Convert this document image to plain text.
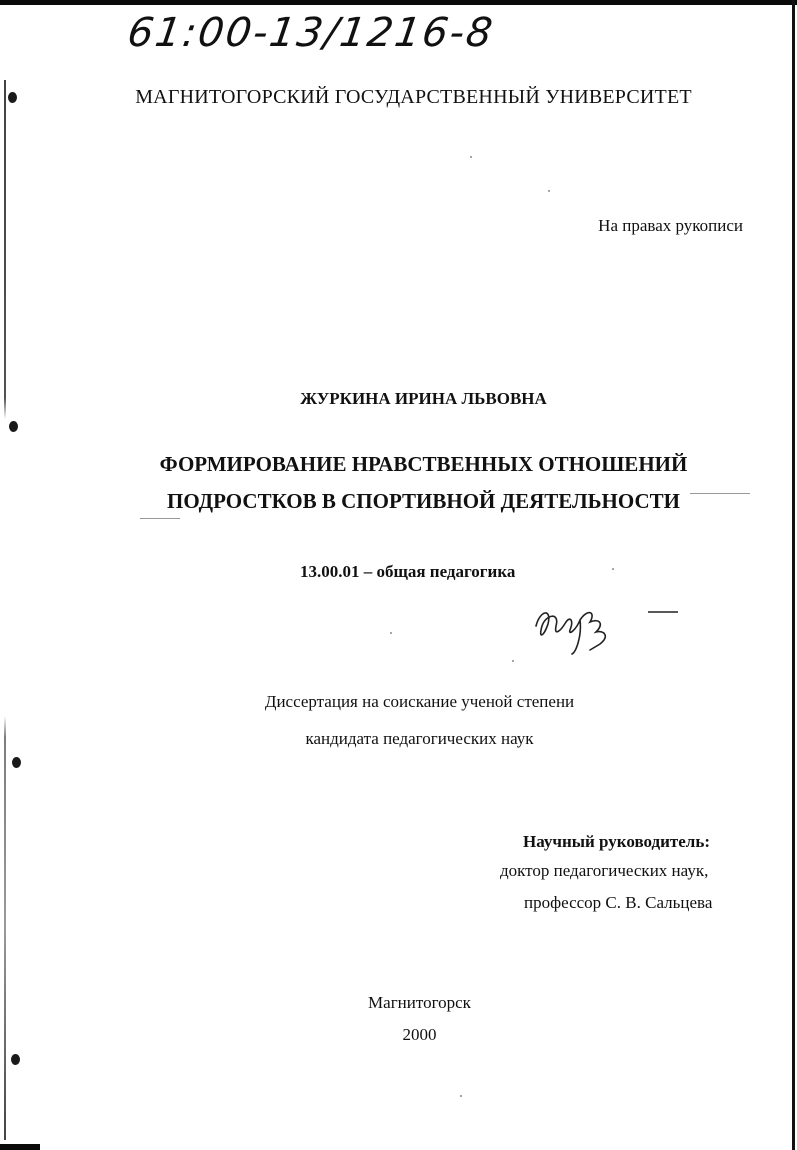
61:00-13/1216-8
МАГНИТОГОРСКИЙ ГОСУДАРСТВЕННЫЙ УНИВЕРСИТЕТ
На правах рукописи
ЖУРКИНА ИРИНА ЛЬВОВНА
ФОРМИРОВАНИЕ НРАВСТВЕННЫХ ОТНОШЕНИЙ
ПОДРОСТКОВ В СПОРТИВНОЙ ДЕЯТЕЛЬНОСТИ
13.00.01 – общая педагогика
Диссертация на соискание ученой степени
кандидата педагогических наук
Научный руководитель:
доктор педагогических наук,
профессор С. В. Сальцева
Магнитогорск
2000
